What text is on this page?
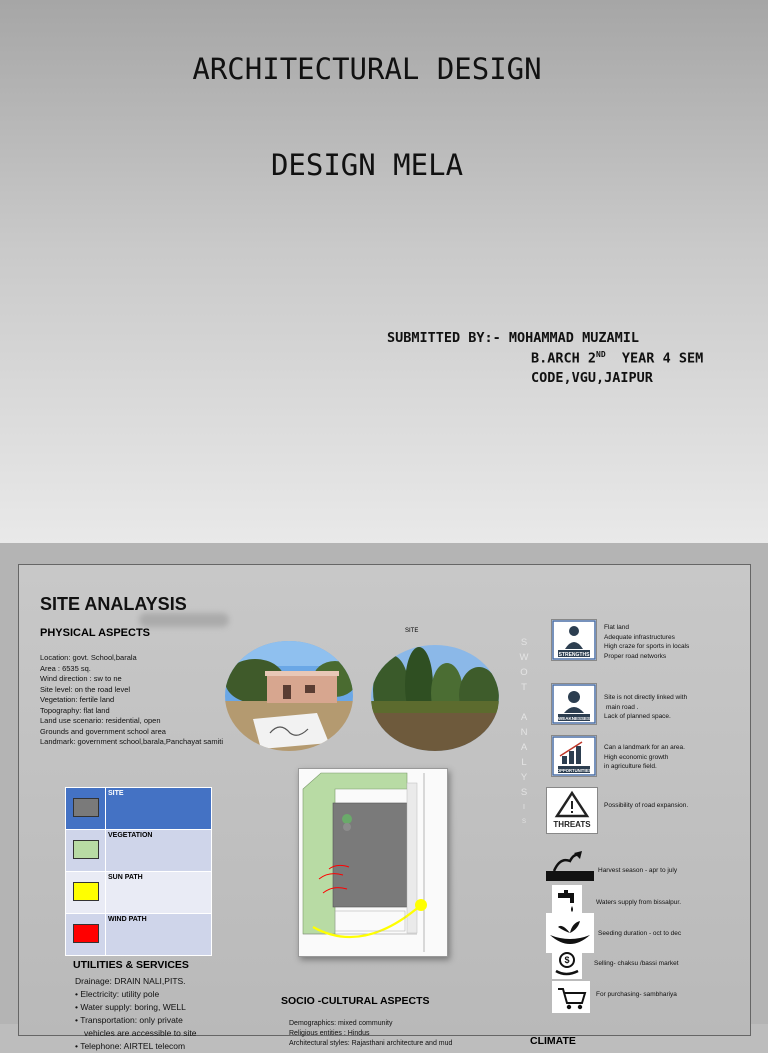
ARCHITECTURAL DESIGN
DESIGN MELA
SUBMITTED BY:- MOHAMMAD MUZAMIL
B.ARCH 2ND  YEAR 4 SEM
CODE,VGU,JAIPUR
SITE ANALAYSIS
PHYSICAL ASPECTS
Location: govt. School,barala
Area : 6535 sq.
Wind direction : sw to ne
Site level: on the road level
Vegetation: fertile land
Topography: flat land
Land use scenario: residential, open
Grounds and government school area
Landmark: government school,barala,Panchayat samiti
	SITE
	VEGETATION
	SUN PATH
	WIND PATH
SITE
S
W
O
T
A
N
A
L
Y
S
I
S
STRENGTHS
Flat land
Adequate infrastructures
High craze for sports in locals
Proper road networks
WEAKNESSES
Site is not directly linked with
main road .
Lack of planned space.
OPPORTUNITIES
Can a landmark for an area.
High economic growth
in agriculture field.
THREATS
Possibility of road expansion.
Harvest season - apr to july
Waters supply from bissalpur.
Seeding duration - oct to dec
$	Selling- chaksu /bassi market
For purchasing- sambhariya
UTILITIES & SERVICES
Drainage: DRAIN NALI,PITS.
• Electricity: utility pole
• Water supply: boring, WELL
• Transportation: only private
vehicles are accessible to site
• Telephone: AIRTEL telecom
SOCIO -CULTURAL ASPECTS
Demographics: mixed community
Religious entities : Hindus
Architectural styles: Rajasthani architecture and mud	CLIMATE
